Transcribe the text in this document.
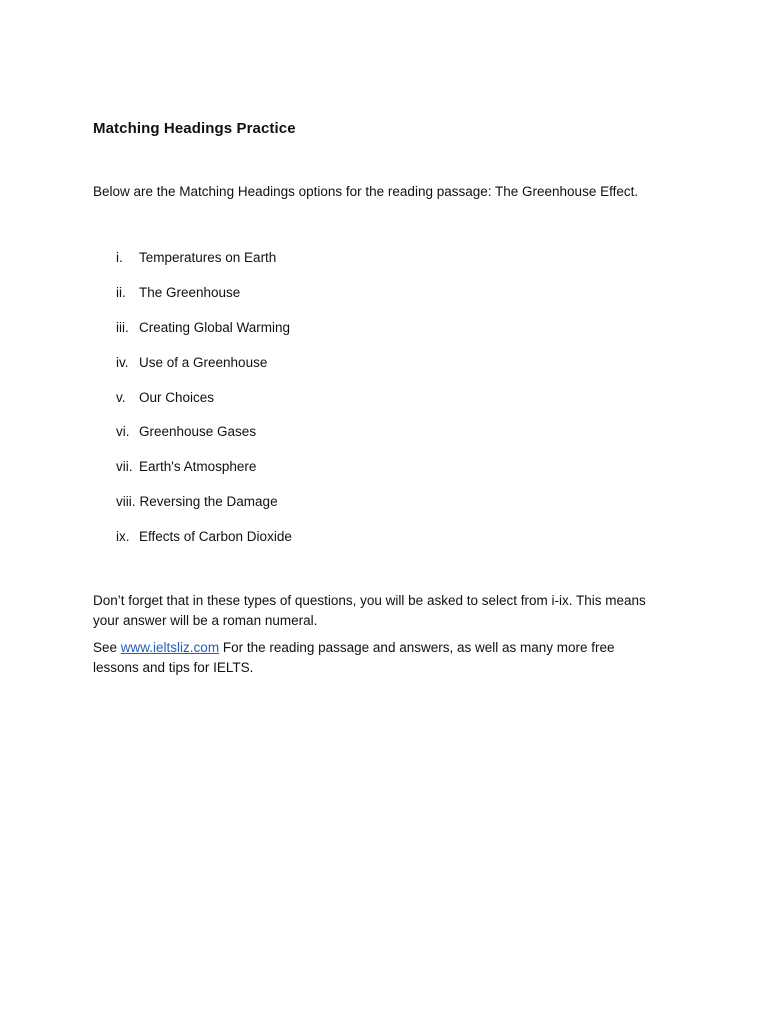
Matching Headings Practice
Below are the Matching Headings options for the reading passage: The Greenhouse Effect.
i. Temperatures on Earth
ii. The Greenhouse
iii. Creating Global Warming
iv. Use of a Greenhouse
v. Our Choices
vi. Greenhouse Gases
vii. Earth's Atmosphere
viii. Reversing the Damage
ix. Effects of Carbon Dioxide

Don’t forget that in these types of questions, you will be asked to select from i-ix. This means your answer will be a roman numeral.

See www.ieltsliz.com For the reading passage and answers, as well as many more free lessons and tips for IELTS.
